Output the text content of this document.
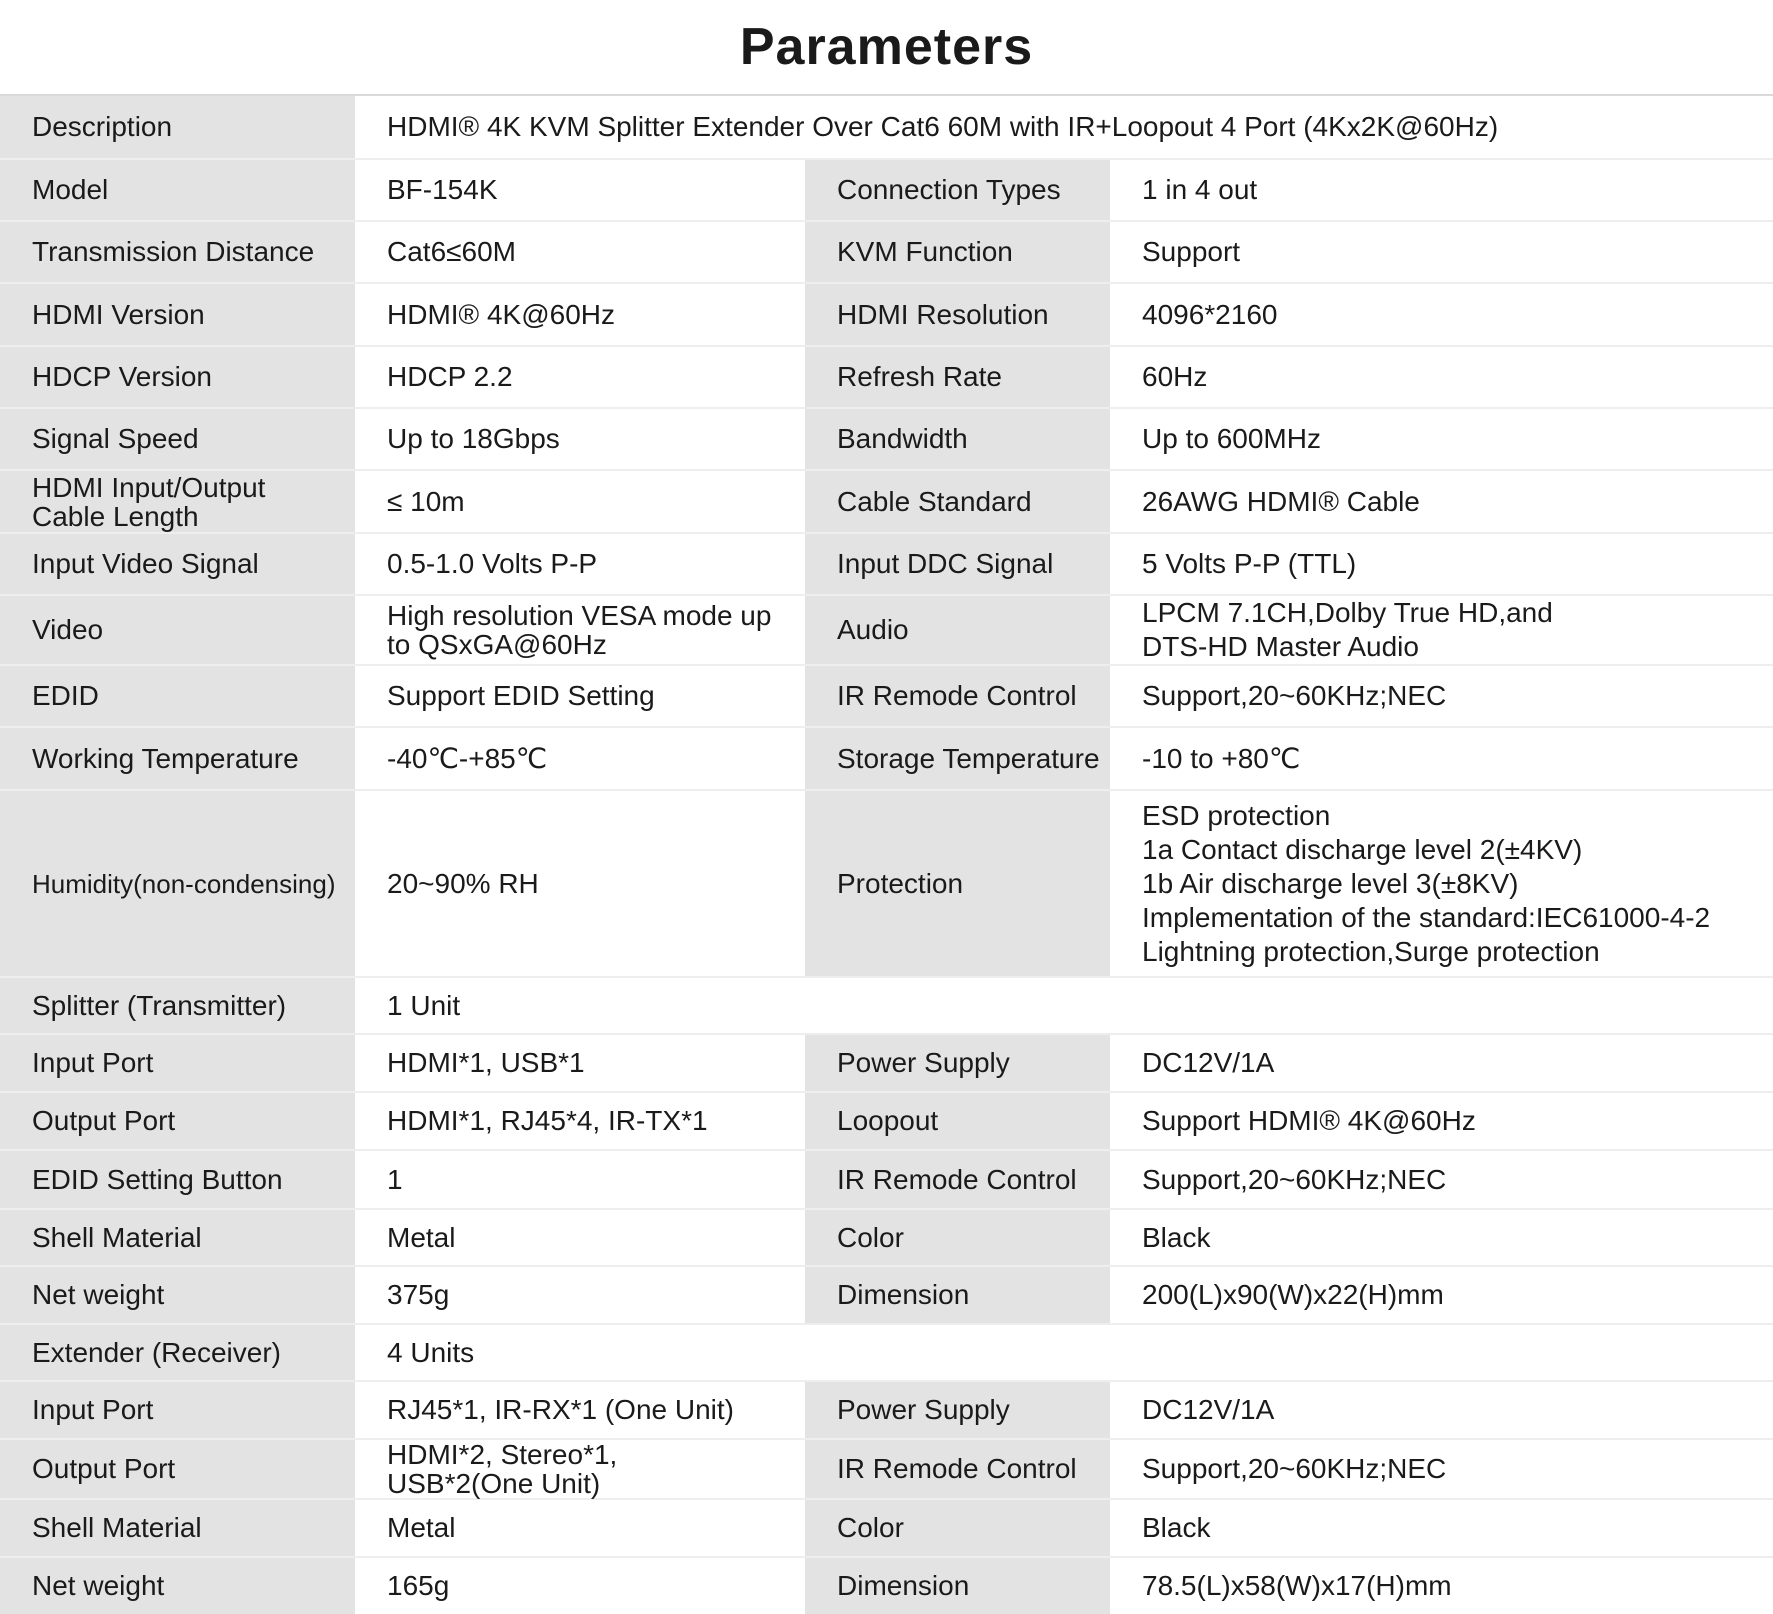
Parameters
Description	HDMI® 4K KVM Splitter Extender Over Cat6 60M with IR+Loopout 4 Port (4Kx2K@60Hz)		
Model	BF-154K	Connection Types	1 in 4 out
Transmission Distance	Cat6≤60M	KVM Function	Support
HDMI Version	HDMI® 4K@60Hz	HDMI Resolution	4096*2160
HDCP Version	HDCP 2.2	Refresh Rate	60Hz
Signal Speed	Up to 18Gbps	Bandwidth	Up to 600MHz
HDMI Input/Output
Cable Length	≤ 10m	Cable Standard	26AWG HDMI® Cable
Input Video Signal	0.5-1.0 Volts P-P	Input DDC Signal	5 Volts P-P (TTL)
Video	High resolution VESA mode up
to QSxGA@60Hz	Audio	LPCM 7.1CH,Dolby True HD,and
DTS-HD Master Audio
EDID	Support EDID Setting	IR Remode Control	Support,20~60KHz;NEC
Working Temperature	-40℃-+85℃	Storage Temperature	-10 to +80℃
Humidity(non-condensing)	20~90% RH	Protection	ESD protection
1a Contact discharge level 2(±4KV)
1b Air discharge level 3(±8KV)
Implementation of the standard:IEC61000-4-2
Lightning protection,Surge protection
Splitter (Transmitter)	1 Unit		
Input Port	HDMI*1, USB*1	Power Supply	DC12V/1A
Output Port	HDMI*1, RJ45*4, IR-TX*1	Loopout	Support HDMI® 4K@60Hz
EDID Setting Button	1	IR Remode Control	Support,20~60KHz;NEC
Shell Material	Metal	Color	Black
Net weight	375g	Dimension	200(L)x90(W)x22(H)mm
Extender (Receiver)	4 Units		
Input Port	RJ45*1, IR-RX*1 (One Unit)	Power Supply	DC12V/1A
Output Port	HDMI*2, Stereo*1,
USB*2(One Unit)	IR Remode Control	Support,20~60KHz;NEC
Shell Material	Metal	Color	Black
Net weight	165g	Dimension	78.5(L)x58(W)x17(H)mm
